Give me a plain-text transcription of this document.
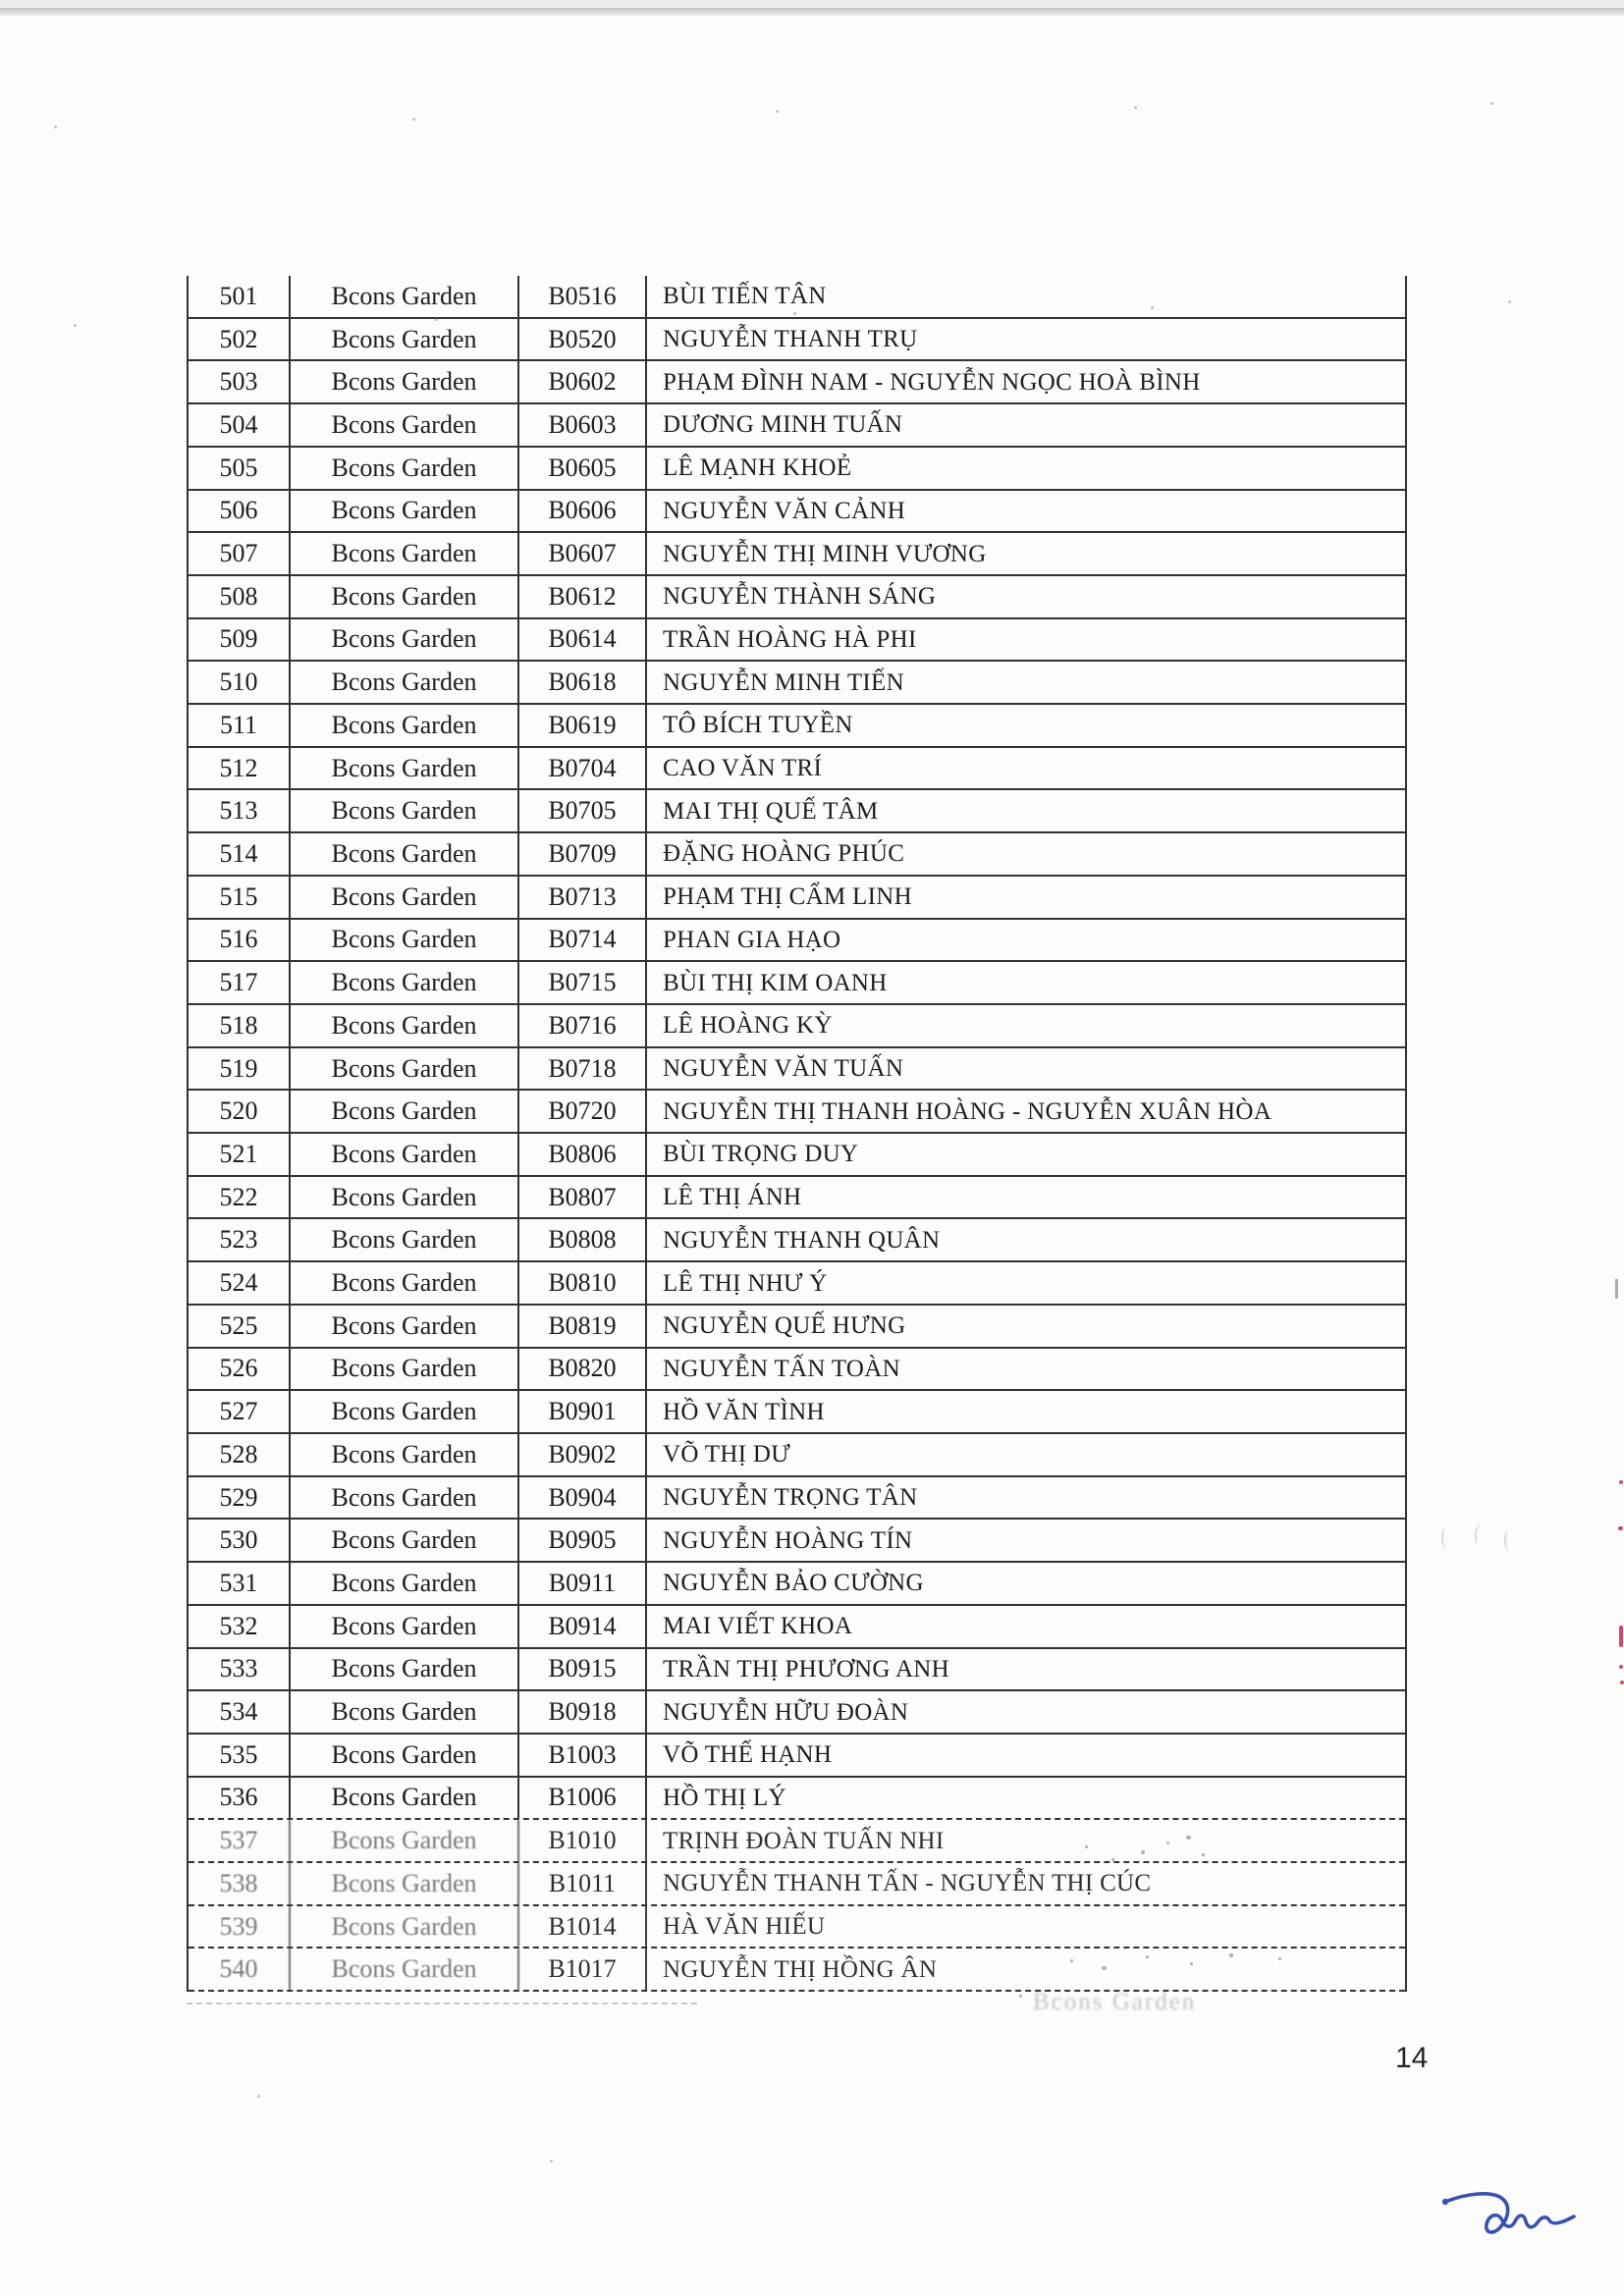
501	Bcons Garden	B0516	BÙI TIẾN TÂN
502	Bcons Garden	B0520	NGUYỄN THANH TRỤ
503	Bcons Garden	B0602	PHẠM ĐÌNH NAM - NGUYỄN NGỌC HOÀ BÌNH
504	Bcons Garden	B0603	DƯƠNG MINH TUẤN
505	Bcons Garden	B0605	LÊ MẠNH KHOẺ
506	Bcons Garden	B0606	NGUYỄN VĂN CẢNH
507	Bcons Garden	B0607	NGUYỄN THỊ MINH VƯƠNG
508	Bcons Garden	B0612	NGUYỄN THÀNH SÁNG
509	Bcons Garden	B0614	TRẦN HOÀNG HÀ PHI
510	Bcons Garden	B0618	NGUYỄN MINH TIẾN
511	Bcons Garden	B0619	TÔ BÍCH TUYỀN
512	Bcons Garden	B0704	CAO VĂN TRÍ
513	Bcons Garden	B0705	MAI THỊ QUẾ TÂM
514	Bcons Garden	B0709	ĐẶNG HOÀNG PHÚC
515	Bcons Garden	B0713	PHẠM THỊ CẨM LINH
516	Bcons Garden	B0714	PHAN GIA HẠO
517	Bcons Garden	B0715	BÙI THỊ KIM OANH
518	Bcons Garden	B0716	LÊ HOÀNG KỲ
519	Bcons Garden	B0718	NGUYỄN VĂN TUẤN
520	Bcons Garden	B0720	NGUYỄN THỊ THANH HOÀNG - NGUYỄN XUÂN HÒA
521	Bcons Garden	B0806	BÙI TRỌNG DUY
522	Bcons Garden	B0807	LÊ THỊ ÁNH
523	Bcons Garden	B0808	NGUYỄN THANH QUÂN
524	Bcons Garden	B0810	LÊ THỊ NHƯ Ý
525	Bcons Garden	B0819	NGUYỄN QUẾ HƯNG
526	Bcons Garden	B0820	NGUYỄN TẤN TOÀN
527	Bcons Garden	B0901	HỒ VĂN TÌNH
528	Bcons Garden	B0902	VÕ THỊ DƯ
529	Bcons Garden	B0904	NGUYỄN TRỌNG TÂN
530	Bcons Garden	B0905	NGUYỄN HOÀNG TÍN
531	Bcons Garden	B0911	NGUYỄN BẢO CƯỜNG
532	Bcons Garden	B0914	MAI VIẾT KHOA
533	Bcons Garden	B0915	TRẦN THỊ PHƯƠNG ANH
534	Bcons Garden	B0918	NGUYỄN HỮU ĐOÀN
535	Bcons Garden	B1003	VÕ THẾ HẠNH
536	Bcons Garden	B1006	HỒ THỊ LÝ
537	Bcons Garden	B1010	TRỊNH ĐOÀN TUẤN NHI
538	Bcons Garden	B1011	NGUYỄN THANH TẤN - NGUYỄN THỊ CÚC
539	Bcons Garden	B1014	HÀ VĂN HIẾU
540	Bcons Garden	B1017	NGUYỄN THỊ HỒNG ÂN
Bcons Garden
14
